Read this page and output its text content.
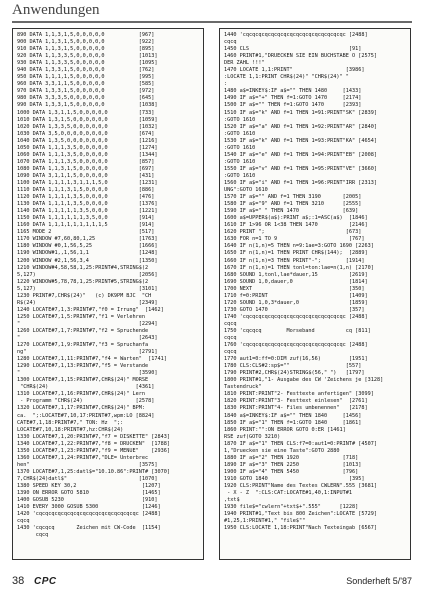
Anwendungen
890 DATA 1,1,3,1,5,0,0,0,0,0           [967]
900 DATA 1,1,3,1,5,0,0,0,0,0           [922]
910 DATA 1,1,3,1,5,0,0,0,0,0           [895]
920 DATA 1,1,3,3,5,0,0,0,0,0           [1013]
930 DATA 1,1,3,3,5,0,0,0,0,0           [1095]
940 DATA 1,3,3,1,5,0,0,0,0,0           [762]
950 DATA 1,1,1,1,5,0,0,0,0,0           [995]
960 DATA 3,3,1,1,5,0,0,0,0,0           [585]
970 DATA 1,3,3,1,5,0,0,0,0,0           [972]
980 DATA 3,3,3,5,0,0,0,0,0,0           [645]
990 DATA 1,3,3,1,5,0,0,0,0,0           [1038]
1000 DATA 1,3,1,1,5,0,0,0,0,0          [733]
1010 DATA 1,3,1,5,0,0,0,0,0,0          [1059]
1020 DATA 1,3,3,5,0,0,0,0,0,0          [1032]
1030 DATA 3,5,0,0,0,0,0,0,0,0          [674]
1040 DATA 1,3,5,0,0,0,0,0,0,0          [1216]
1050 DATA 1,1,1,3,5,0,0,0,0,0          [1274]
1060 DATA 1,1,1,3,5,0,0,0,0,0          [1344]
1070 DATA 1,1,1,3,5,0,0,0,0,0          [857]
1080 DATA 1,1,3,1,5,0,0,0,0,0          [697]
1090 DATA 3,1,1,1,5,0,0,0,0,0          [431]
1100 DATA 1,1,1,1,3,1,1,1,5,0          [1231]
1110 DATA 1,1,1,3,1,5,0,0,0,0          [886]
1120 DATA 1,1,1,1,3,5,0,0,0,0          [476]
1130 DATA 1,1,1,1,3,5,0,0,0,0          [1376]
1140 DATA 1,1,1,1,1,3,5,0,0,0          [1221]
1150 DATA 1,1,1,1,1,1,3,5,0,0          [914]
1160 DATA 1,1,1,1,1,1,1,1,1,5          [914]
1165 MODE 2                            [517]
1170 WINDOW #7,60,80,1,25              [1763]
1180 WINDOW #0,1,56,5,25               [1666]
1190 WINDOW#1,,1,56,1,1                [1248]
1200 WINDOW #2,1,56,3,4                [1350]
1210 WINDOW#4,58,58,1,25:PRINT#4,STRING$(2
5,127)                                 [2056]
1220 WINDOW#5,78,78,1,25:PRINT#5,STRING$(2
5,127)                                 [3101]
1230 PRINT#7,CHR$(24)"   (c) DK9PM BJC  "CH
R$(24)                                 [2349]
1240 LOCATE#7,1,3:PRINT#7,"f0 = Irrung"  [1462]
1250 LOCATE#7,1,5:PRINT#7,"f1 = Verlehren
"                                      [2294]
1260 LOCATE#7,1,7:PRINT#7,"f2 = Spruchende
"                                      [2643]
1270 LOCATE#7,1,9:PRINT#7,"f3 = Spruchanfa
ng"                                    [2791]
1280 LOCATE#7,1,11:PRINT#7,"f4 = Warten"  [1741]
1290 LOCATE#7,1,13:PRINT#7,"f5 = Verstande
"                                      [3590]
1300 LOCATE#7,1,15:PRINT#7,CHR$(24)" MORSE
"CHR$(24)                            [4361]
1310 LOCATE#7,1,16:PRINT#7,CHR$(24)" Lern
- Programm "CHR$(24)                 [2578]
1320 LOCATE#7,1,17:PRINT#7,CHR$(24)" BPM:
ca.  ";:LOCATE#7,10,17:PRINT#7,wpm:LO [8824]
CATE#7,1,18:PRINT#7," TON: Hz  ";:
LOCATE#7,10,18:PRINT#7,hz:CHR$(24)
1330 LOCATE#7,1,20:PRINT#7,"f7 = DISKETTE" [2843]
1340 LOCATE#7,1,22:PRINT#7,"f8 = DRUCKEN"  [1788]
1350 LOCATE#7,1,23:PRINT#7,"f9 = MENUE"    [2936]
1360 LOCATE#7,1,24:PRINT#7,"DLE= Unterbrec
hen"                                   [3575]
1370 LOCATE#7,1,25:datl$="10.10.86":PRINT# [3070]
7,CHR$(24)datl$"                       [1070]
1380 SPEED KEY 30,2                     [1207]
1390 ON ERROR GOTO 5810                 [1465]
1400 GOSUB 5230                         [910]
1410 EVERY 3000 GOSUB 5300              [1246]
1420 'cqcqcqcqcqcqcqcqcqcqcqcqcqcqcqcqc [2488]
cqcq
1430 'cqcqcq       Zeichen mit CW-Code  [1154]
cqcq
1440 'cqcqcqcqcqcqcqcqcqcqcqcqcqcqcqcqc [2488]
cqcq
1450 CLS                                [91]
1460 PRINT#1,"DRUECKEN SIE EIN BUCHSTABE O [2575]
DER ZAHL !!!"
1470 LOCATE 1,1:PRINT"                 [3986]
:LOCATE 1,1:PRINT CHR$(24)" "CHR$(24)" "
:
1480 a$=INKEY$:IF a$="" THEN 1480     [1433]
1490 IF a$="+" THEN f=1:GOTO 1470     [2174]
1500 IF a$="" THEN f=1:GOTO 1470      [2393]
1510 IF a$="k" AND f=1 THEN 1=91:PRINT"SK" [2839]
:GOTO 1610
1520 IF a$="a" AND f=1 THEN 1=92:PRINT"AR" [2840]
:GOTO 1610
1530 IF a$="k" AND f=1 THEN 1=93:PRINT"KA" [4654]
:GOTO 1610
1540 IF a$="e" AND f=1 THEN 1=94:PRINT"EB" [2008]
:GOTO 1610
1550 IF a$="v" AND f=1 THEN 1=95:PRINT"VE" [3660]
:GOTO 1610
1560 IF a$="i" AND f=1 THEN 1=96:PRINT"IRR [2313]
UNG":GOTO 1610
1570 IF a$="" AND f=1 THEN 3190       [2005]
1580 IF a$="9" AND f=1 THEN 3210      [2555]
1590 IF a$=" " THEN 1470              [639]
1600 a$=UPPER$(a$):PRINT a$;:1=ASC(a$)  [1846]
1610 IF 1>96 OR 1<38 THEN 1470          [2146]
1620 PRINT ";                          [673]
1630 FOR n=1 TO 9                       [767]
1640 IF n(1,n)=5 THEN n=9:1ae=3:GOTO 1690 [2263]
1650 IF n(1,n)=1 THEN PRINT CHR$(144);  [2889]
1660 IF n(1,n)=3 THEN PRINT"-";        [1914]
1670 IF n(1,n)=1 THEN tonl=ton:lae=n(1,n) [2170]
1680 SOUND 1,tonl,lae*dauer,15          [2619]
1690 SOUND 1,0,dauer,0                  [1814]
1700 NEXT                               [350]
1710 f=0:PRINT                          [1409]
1720 SOUND 1,0,3*dauer,0                [1859]
1730 GOTO 1470                          [357]
1740 'cqcqcqcqcqcqcqcqcqcqcqcqcqcqcqcqc [2488]
cqcq
1750 'cqcqcq        Morseband          cq [811]
cqcq
1760 'cqcqcqcqcqcqcqcqcqcqcqcqcqcqcqcqc [2488]
cqcq
1770 aut1=0:ff=0:DIM zuf(16,56)         [1951]
1780 CLS:CLS#2:sp$=""                  [557]
1790 PRINT#2,CHR$(24)STRING$(56," ")   [1797]
1800 PRINT#1,"1- Ausgabe des CW 'Zeichens je [3128]
Tastendruck"
1810 PRINT:PRINT"2- Festtexte anfertigen" [3099]
1820 PRINT:PRINT"3- Festtext einlesen"  [2761]
1830 PRINT:PRINT"4- Files umbenennen"   [2178]
1840 a$=INKEY$:IF a$="" THEN 1840     [1456]
1850 IF a$="1" THEN f=1:GOTO 1840     [1861]
1860 PRINT:"":ON ERROR GOTO 0:ER [1461]
RSE zuf(GOTO 3210)
1870 IF a$="1" THEN CLS:f7=0:aut1=0:PRINT# [4507]
1,"Druecken sie eine Taste":GOTO 2880
1880 IF a$="2" THEN 1920              [718]
1890 IF a$="3" THEN 2250              [1013]
1900 IF a$="4" THEN 5450              [796]
1910 GOTO 1840                          [395]
1920 CLS:PRINT"Name des Textes CWLERN".555 [3681]
- X - Z  ":CLS:CAT:LOCATE#1,40,1:INPUT#1
,txt$
1930 file$="cwlern"+txt$+".555"      [1228]
1940 PRINT#1,"Text bis 800 Zeichen":LOCATE [5729]
#1,25,1:PRINT#1," "file$""
1950 CLS:LOCATE 1,18:PRINT"Nach Texteingab [6567]
38 CPC	Sonderheft 5/'87
